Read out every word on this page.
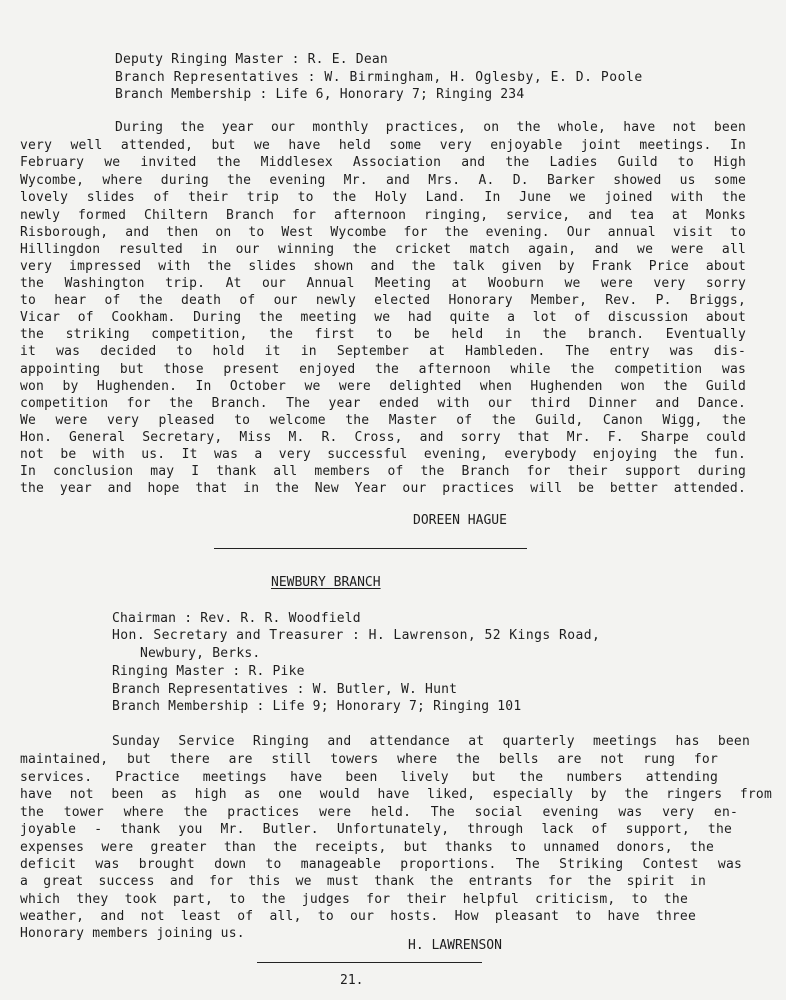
Deputy Ringing Master : R. E. Dean
Branch Representatives : W. Birmingham, H. Oglesby, E. D. Poole
Branch Membership : Life 6, Honorary 7; Ringing 234
During the year our monthly practices, on the whole, have not been
very well attended, but we have held some very enjoyable joint meetings. In
February we invited the Middlesex Association and the Ladies Guild to High
Wycombe, where during the evening Mr. and Mrs. A. D. Barker showed us some
lovely slides of their trip to the Holy Land. In June we joined with the
newly formed Chiltern Branch for afternoon ringing, service, and tea at Monks
Risborough, and then on to West Wycombe for the evening. Our annual visit to
Hillingdon resulted in our winning the cricket match again, and we were all
very impressed with the slides shown and the talk given by Frank Price about
the Washington trip. At our Annual Meeting at Wooburn we were very sorry
to hear of the death of our newly elected Honorary Member, Rev. P. Briggs,
Vicar of Cookham. During the meeting we had quite a lot of discussion about
the striking competition, the first to be held in the branch. Eventually
it was decided to hold it in September at Hambleden. The entry was dis-
appointing but those present enjoyed the afternoon while the competition was
won by Hughenden. In October we were delighted when Hughenden won the Guild
competition for the Branch. The year ended with our third Dinner and Dance.
We were very pleased to welcome the Master of the Guild, Canon Wigg, the
Hon. General Secretary, Miss M. R. Cross, and sorry that Mr. F. Sharpe could
not be with us. It was a very successful evening, everybody enjoying the fun.
In conclusion may I thank all members of the Branch for their support during
the year and hope that in the New Year our practices will be better attended.
DOREEN HAGUE
NEWBURY BRANCH
Chairman : Rev. R. R. Woodfield
Hon. Secretary and Treasurer : H. Lawrenson, 52 Kings Road,
Newbury, Berks.
Ringing Master : R. Pike
Branch Representatives : W. Butler, W. Hunt
Branch Membership : Life 9; Honorary 7; Ringing 101
Sunday Service Ringing and attendance at quarterly meetings has been
maintained, but there are still towers where the bells are not rung for
services. Practice meetings have been lively but the numbers attending
have not been as high as one would have liked, especially by the ringers from
the tower where the practices were held. The social evening was very en-
joyable - thank you Mr. Butler. Unfortunately, through lack of support, the
expenses were greater than the receipts, but thanks to unnamed donors, the
deficit was brought down to manageable proportions. The Striking Contest was
a great success and for this we must thank the entrants for the spirit in
which they took part, to the judges for their helpful criticism, to the
weather, and not least of all, to our hosts. How pleasant to have three
Honorary members joining us.
H. LAWRENSON
21.
